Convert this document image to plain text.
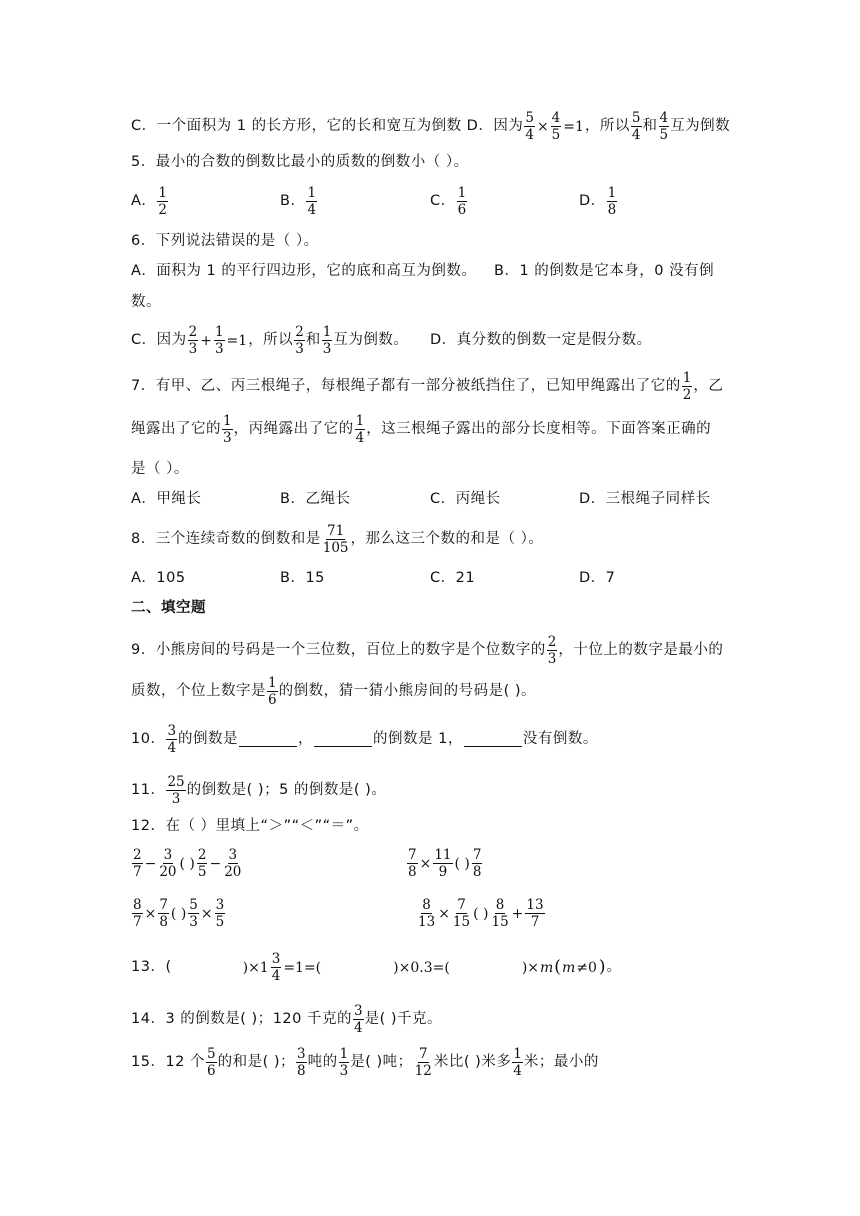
C．一个面积为 1 的长方形，它的长和宽互为倒数 D．因为 $\frac{5}{4} \times \frac{4}{5} =1$ ，所以 $\frac{5}{4}$ 和 $\frac{4}{5}$ 互为倒数
5．最小的合数的倒数比最小的质数的倒数小（ ）。
A． $\frac{1}{2}$	B． $\frac{1}{4}$	C． $\frac{1}{6}$	D． $\frac{1}{8}$
6．下列说法错误的是（ ）。
A．面积为 1 的平行四边形，它的底和高互为倒数。 B．1 的倒数是它本身，0 没有倒
数。
C．因为 $\frac{2}{3} + \frac{1}{3} =1$ ，所以 $\frac{2}{3}$ 和 $\frac{1}{3}$ 互为倒数。 D．真分数的倒数一定是假分数。
7．有甲、乙、丙三根绳子，每根绳子都有一部分被纸挡住了，已知甲绳露出了它的 $\frac{1}{2}$ ，乙
绳露出了它的 $\frac{1}{3}$ ，丙绳露出了它的 $\frac{1}{4}$ ，这三根绳子露出的部分长度相等。下面答案正确的
是（ ）。
A．甲绳长	B．乙绳长	C．丙绳长	D．三根绳子同样长
8．三个连续奇数的倒数和是 $\frac{71}{105}$ ，那么这三个数的和是（ ）。
A．105	B．15	C．21	D．7
二、填空题
9．小熊房间的号码是一个三位数，百位上的数字是个位数字的 $\frac{2}{3}$ ，十位上的数字是最小的
质数，个位上数字是 $\frac{1}{6}$ 的倒数，猜一猜小熊房间的号码是( )。
10． $\frac{3}{4}$ 的倒数是	，	的倒数是 1，	没有倒数。
11． $\frac{25}{3}$ 的倒数是( )；5 的倒数是( )。
12．在（ ）里填上“＞”“＜”“＝”。
$\frac{2}{7} - \frac{3}{20}$ ( ) $\frac{2}{5} - \frac{3}{20}$	$\frac{7}{8} \times \frac{11}{9}$ ( ) $\frac{7}{8}$
$\frac{8}{7} \times \frac{7}{8}$ ( ) $\frac{5}{3} \times \frac{3}{5}$	$\frac{8}{13} \times \frac{7}{15}$ ( ) $\frac{8}{15} + \frac{13}{7}$
13．(	)$\times 1 \frac{3}{4} =1=$(	)×0.3=(	)× m ( m ≠0 ) 。
14．3 的倒数是( )；120 千克的 $\frac{3}{4}$ 是( )千克。
15．12 个 $\frac{5}{6}$ 的和是( )； $\frac{3}{8}$ 吨的 $\frac{1}{3}$ 是( )吨； $\frac{7}{12}$ 米比( )米多 $\frac{1}{4}$ 米；最小的
